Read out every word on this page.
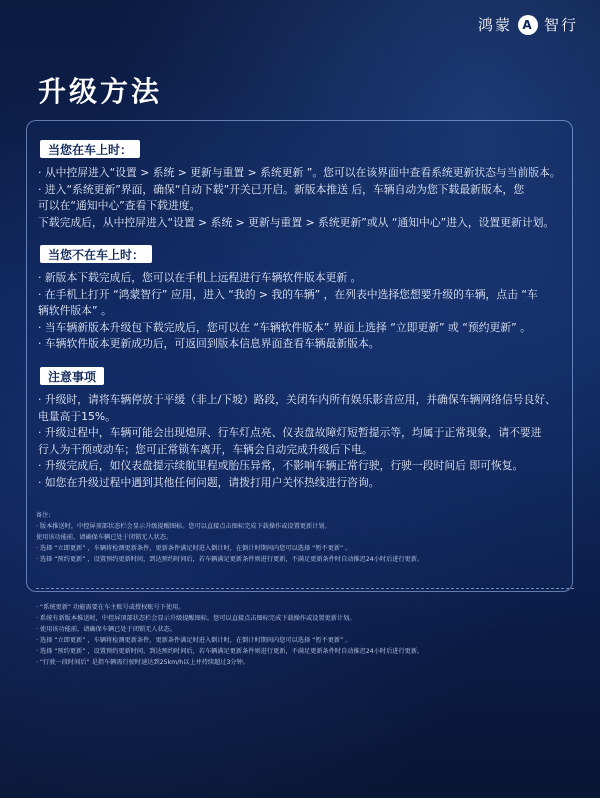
鸿蒙 A 智行
升级方法
当您在车上时：
· 从中控屏进入“设置 > 系统 > 更新与重置 > 系统更新 ”。您可以在该界面中查看系统更新状态与当前版本。
· 进入“系统更新”界面，确保“自动下载”开关已开启。新版本推送 后，车辆自动为您下载最新版本，您
可以在“通知中心”查看下载进度。
下载完成后，从中控屏进入“设置 > 系统 > 更新与重置 > 系统更新”或从 “通知中心”进入，设置更新计划。
当您不在车上时：
· 新版本下载完成后，您可以在手机上远程进行车辆软件版本更新 。
· 在手机上打开 “鸿蒙智行” 应用，进入 “我的 > 我的车辆” ，在列表中选择您想要升级的车辆，点击 “车
辆软件版本” 。
· 当车辆新版本升级包下载完成后，您可以在 “车辆软件版本” 界面上选择 “立即更新” 或 “预约更新” 。
· 车辆软件版本更新成功后，可返回到版本信息界面查看车辆最新版本。
注意事项
· 升级时，请将车辆停放于平缓（非上/下坡）路段，关闭车内所有娱乐影音应用，并确保车辆网络信号良好、
电量高于15%。
· 升级过程中，车辆可能会出现熄屏、行车灯点亮、仪表盘故障灯短暂提示等，均属于正常现象，请不要进
行人为干预或动车；您可正常锁车离开，车辆会自动完成升级后下电。
· 升级完成后，如仪表盘提示续航里程或胎压异常，不影响车辆正常行驶，行驶一段时间后 即可恢复。
· 如您在升级过程中遇到其他任何问题，请拨打用户关怀热线进行咨询。
备注:
· 版本推送时，中控屏顶部状态栏会显示升级提醒图标。您可以直接点击图标完成下载操作或设置更新计划。
使用该功能前，请确保车辆已处于闭锁无人状态。
· 选择 “立即更新” ，车辆将检测更新条件，更新条件满足时进入倒计时，在倒计时期间内您可以选择 “暂不更新” 。
· 选择 “预约更新” ，设置预约更新时间，到达预约时间后，若车辆满足更新条件则进行更新，不满足更新条件时自动推迟24小时后进行更新。
· “系统更新” 功能需要在车主账号或授权账号下使用。
· 系统有新版本推送时，中控屏顶部状态栏会显示升级提醒图标。您可以直接点击图标完成下载操作或设置更新计划。
· 使用该功能前，请确保车辆已处于闭锁无人状态。
· 选择 “立即更新” ，车辆将检测更新条件，更新条件满足时进入倒计时，在倒计时期间内您可以选择 “暂不更新” 。
· 选择 “预约更新” ，设置预约更新时间，到达预约时间后，若车辆满足更新条件则进行更新，不满足更新条件时自动推迟24小时后进行更新。
· “行驶一段时间后” 是指车辆需行驶时速达到25km/h以上并持续超过3分钟。
